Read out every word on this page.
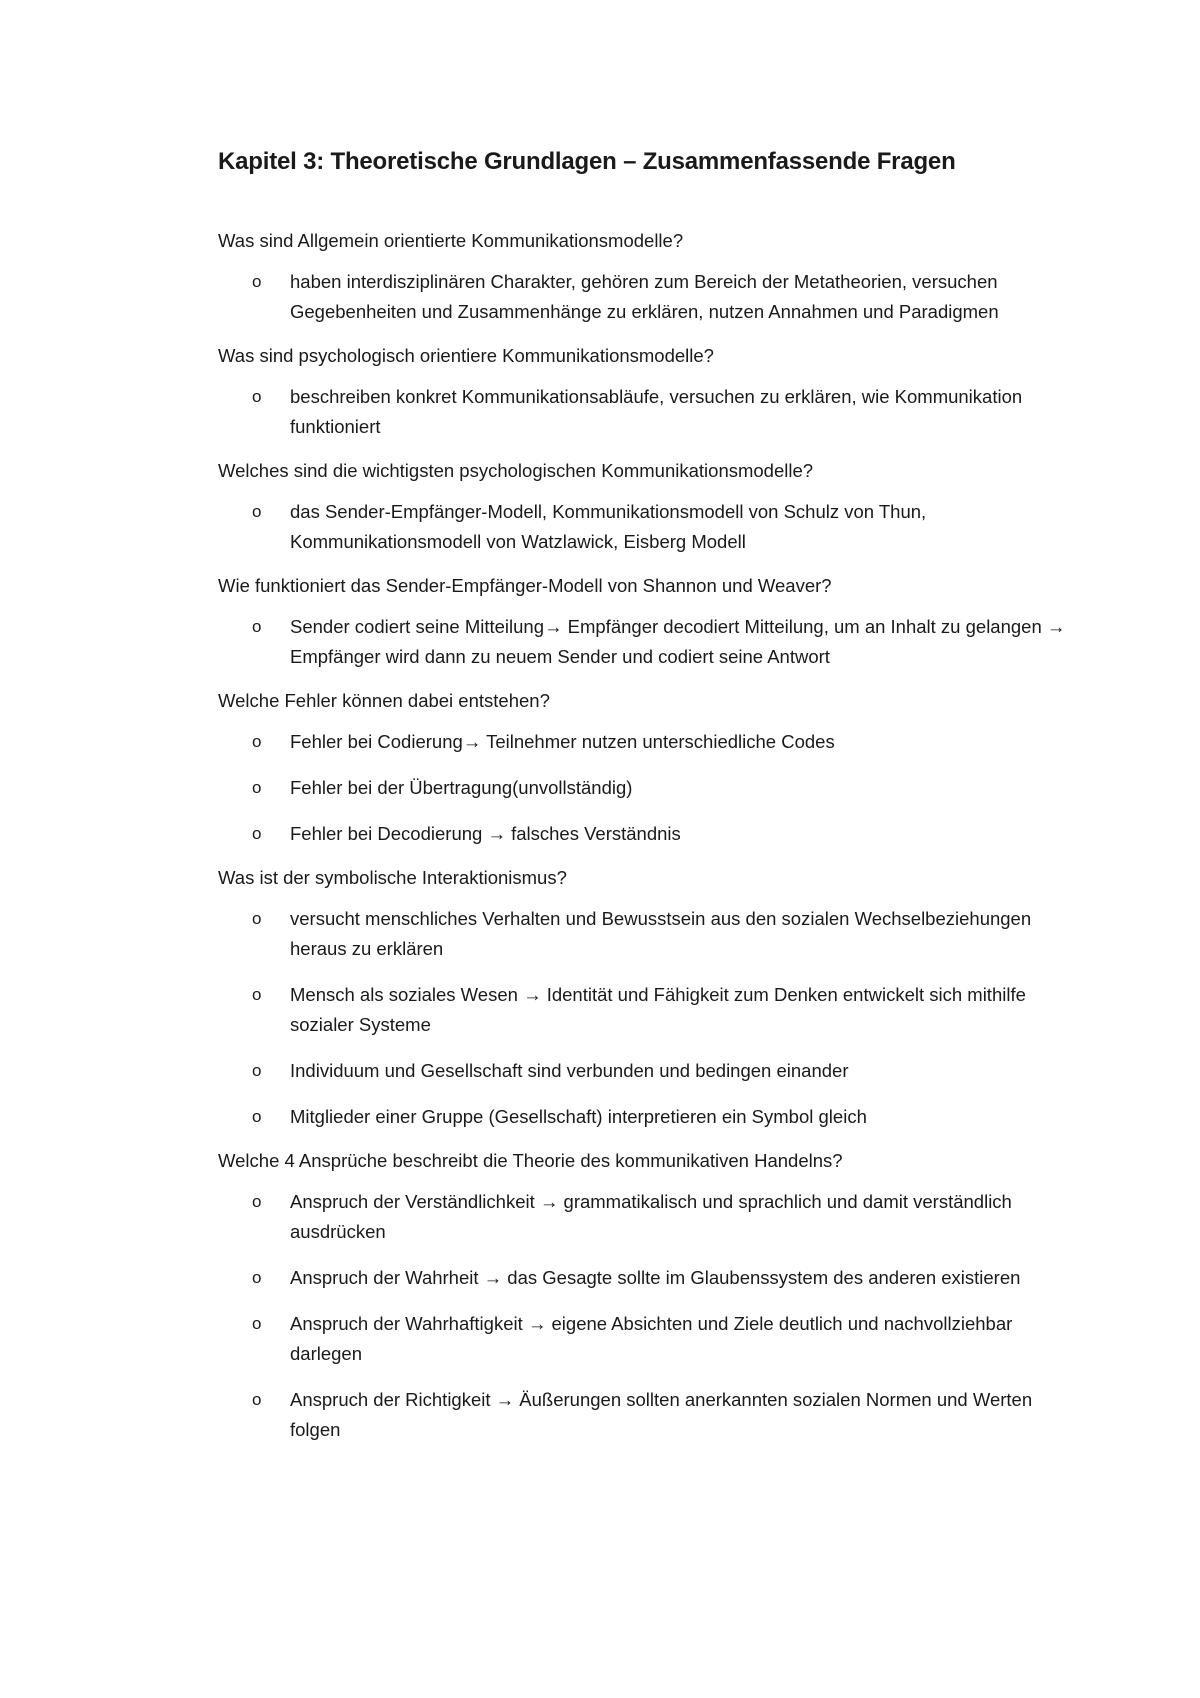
Kapitel 3: Theoretische Grundlagen – Zusammenfassende Fragen

Was sind Allgemein orientierte Kommunikationsmodelle?

o haben interdisziplinären Charakter, gehören zum Bereich der Metatheorien, versuchen Gegebenheiten und Zusammenhänge zu erklären, nutzen Annahmen und Paradigmen

Was sind psychologisch orientiere Kommunikationsmodelle?

o beschreiben konkret Kommunikationsabläufe, versuchen zu erklären, wie Kommunikation funktioniert

Welches sind die wichtigsten psychologischen Kommunikationsmodelle?

o das Sender-Empfänger-Modell, Kommunikationsmodell von Schulz von Thun, Kommunikationsmodell von Watzlawick, Eisberg Modell

Wie funktioniert das Sender-Empfänger-Modell von Shannon und Weaver?

o Sender codiert seine Mitteilung→ Empfänger decodiert Mitteilung, um an Inhalt zu gelangen → Empfänger wird dann zu neuem Sender und codiert seine Antwort

Welche Fehler können dabei entstehen?

o Fehler bei Codierung→ Teilnehmer nutzen unterschiedliche Codes
o Fehler bei der Übertragung(unvollständig)
o Fehler bei Decodierung → falsches Verständnis

Was ist der symbolische Interaktionismus?

o versucht menschliches Verhalten und Bewusstsein aus den sozialen Wechselbeziehungen heraus zu erklären
o Mensch als soziales Wesen → Identität und Fähigkeit zum Denken entwickelt sich mithilfe sozialer Systeme
o Individuum und Gesellschaft sind verbunden und bedingen einander
o Mitglieder einer Gruppe (Gesellschaft) interpretieren ein Symbol gleich

Welche 4 Ansprüche beschreibt die Theorie des kommunikativen Handelns?

o Anspruch der Verständlichkeit → grammatikalisch und sprachlich und damit verständlich ausdrücken
o Anspruch der Wahrheit → das Gesagte sollte im Glaubenssystem des anderen existieren
o Anspruch der Wahrhaftigkeit → eigene Absichten und Ziele deutlich und nachvollziehbar darlegen
o Anspruch der Richtigkeit → Äußerungen sollten anerkannten sozialen Normen und Werten folgen
